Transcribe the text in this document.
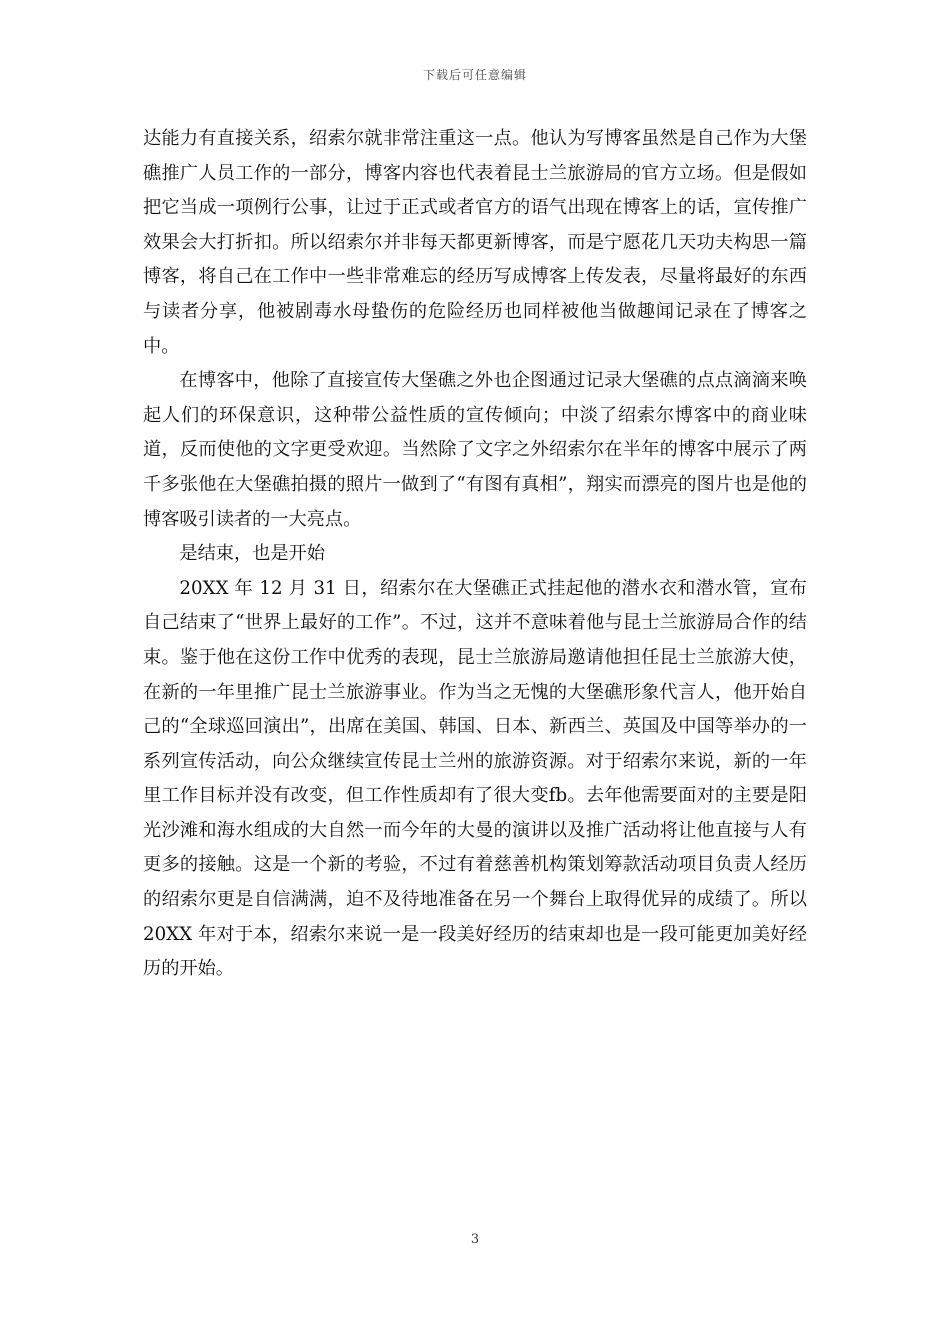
下载后可任意编辑

达能力有直接关系，绍索尔就非常注重这一点。他认为写博客虽然是自己作为大堡礁推广人员工作的一部分，博客内容也代表着昆士兰旅游局的官方立场。但是假如把它当成一项例行公事，让过于正式或者官方的语气出现在博客上的话，宣传推广效果会大打折扣。所以绍索尔并非每天都更新博客，而是宁愿花几天功夫构思一篇博客，将自己在工作中一些非常难忘的经历写成博客上传发表，尽量将最好的东西与读者分享，他被剧毒水母蛰伤的危险经历也同样被他当做趣闻记录在了博客之中。

在博客中，他除了直接宣传大堡礁之外也企图通过记录大堡礁的点点滴滴来唤起人们的环保意识，这种带公益性质的宣传倾向；中淡了绍索尔博客中的商业味道，反而使他的文字更受欢迎。当然除了文字之外绍索尔在半年的博客中展示了两千多张他在大堡礁拍摄的照片一做到了“有图有真相”，翔实而漂亮的图片也是他的博客吸引读者的一大亮点。

是结束，也是开始

20XX 年 12 月 31 日，绍索尔在大堡礁正式挂起他的潜水衣和潜水管，宣布自己结束了“世界上最好的工作”。不过，这并不意味着他与昆士兰旅游局合作的结束。鉴于他在这份工作中优秀的表现，昆士兰旅游局邀请他担任昆士兰旅游大使，在新的一年里推广昆士兰旅游事业。作为当之无愧的大堡礁形象代言人，他开始自己的“全球巡回演出”，出席在美国、韩国、日本、新西兰、英国及中国等举办的一系列宣传活动，向公众继续宣传昆士兰州的旅游资源。对于绍索尔来说，新的一年里工作目标并没有改变，但工作性质却有了很大变fb。去年他需要面对的主要是阳光沙滩和海水组成的大自然一而今年的大曼的演讲以及推广活动将让他直接与人有更多的接触。这是一个新的考验，不过有着慈善机构策划筹款活动项目负责人经历的绍索尔更是自信满满，迫不及待地准备在另一个舞台上取得优异的成绩了。所以 20XX 年对于本，绍索尔来说一是一段美好经历的结束却也是一段可能更加美好经历的开始。

3
